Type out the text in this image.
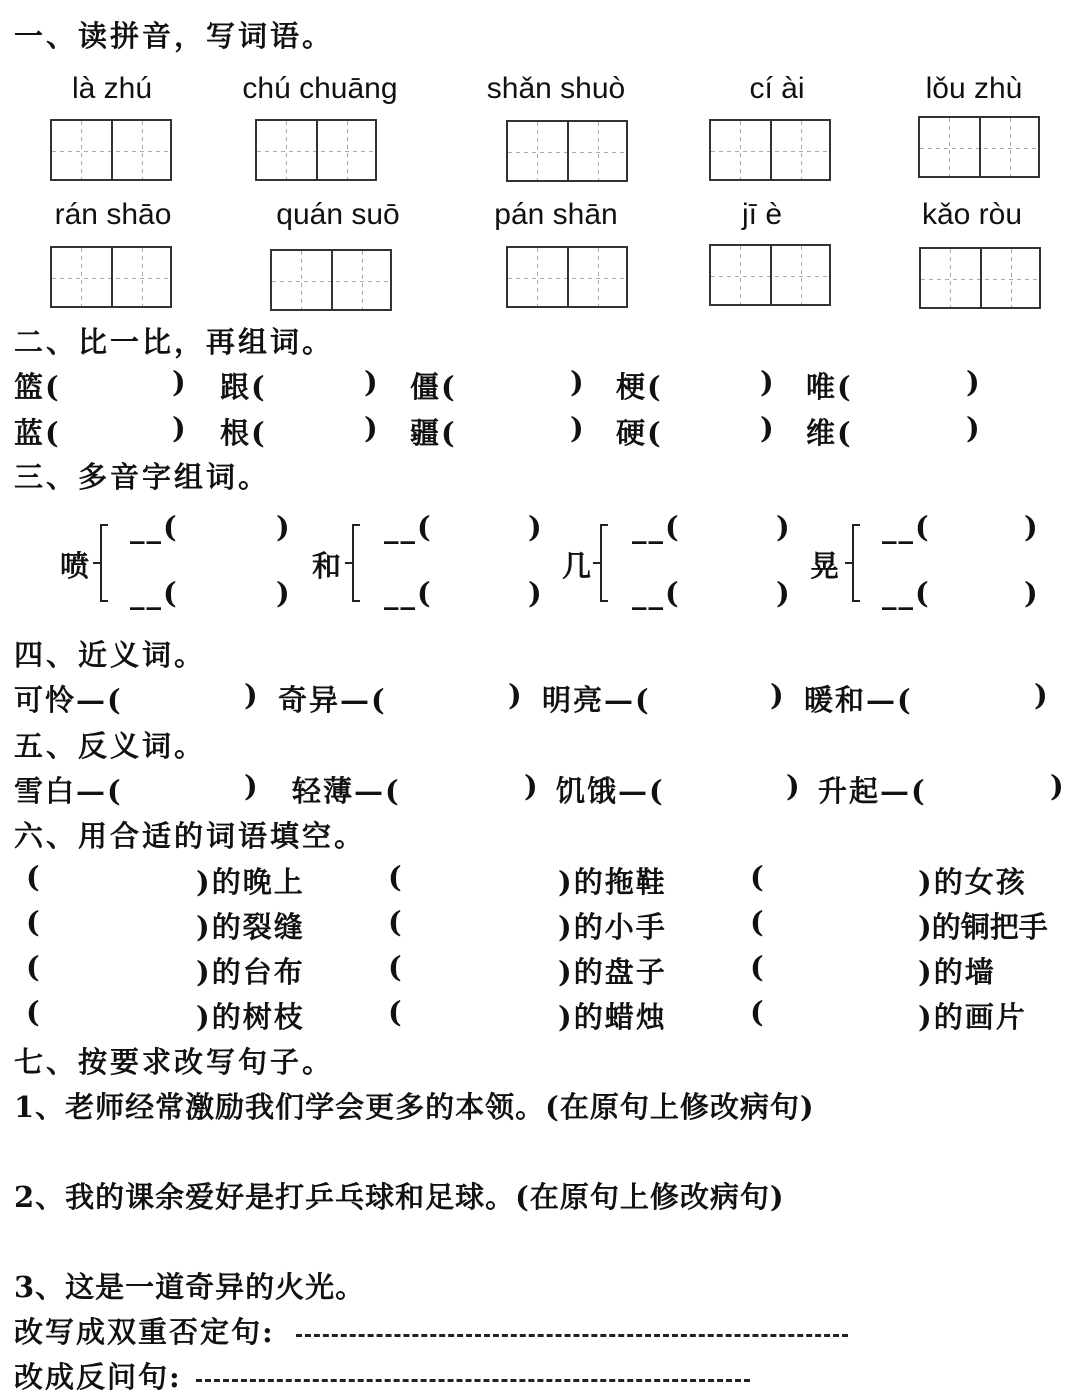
一、读拼音，写词语。
là zhú	chú chuāng	shǎn shuò	cí ài	lǒu zhù
rán shāo	quán suō	pán shān	jī è	kǎo ròu
二、比一比，再组词。
篮(	) 跟(	) 僵(	) 梗(	) 唯(	)
蓝(	) 根(	) 疆(	) 硬(	) 维(	)
三、多音字组词。
喷
__(	)
__(	)
和
__(	)
__(	)
几
__(	)
__(	)
晃
__(	)
__(	)
四、近义词。
可怜—(	) 奇异—(	) 明亮—(	) 暖和—(	)
五、反义词。
雪白—(	) 轻薄—(	) 饥饿—(	) 升起—(	)
六、用合适的词语填空。
(	)的晚上	(	)的拖鞋	(	)的女孩
(	)的裂缝	(	)的小手	(	)的铜把手
(	)的台布	(	)的盘子	(	)的墙
(	)的树枝	(	)的蜡烛	(	)的画片
七、按要求改写句子。
1、老师经常激励我们学会更多的本领。(在原句上修改病句)
2、我的课余爱好是打乒乓球和足球。(在原句上修改病句)
3、这是一道奇异的火光。
改写成双重否定句:
改成反问句:
